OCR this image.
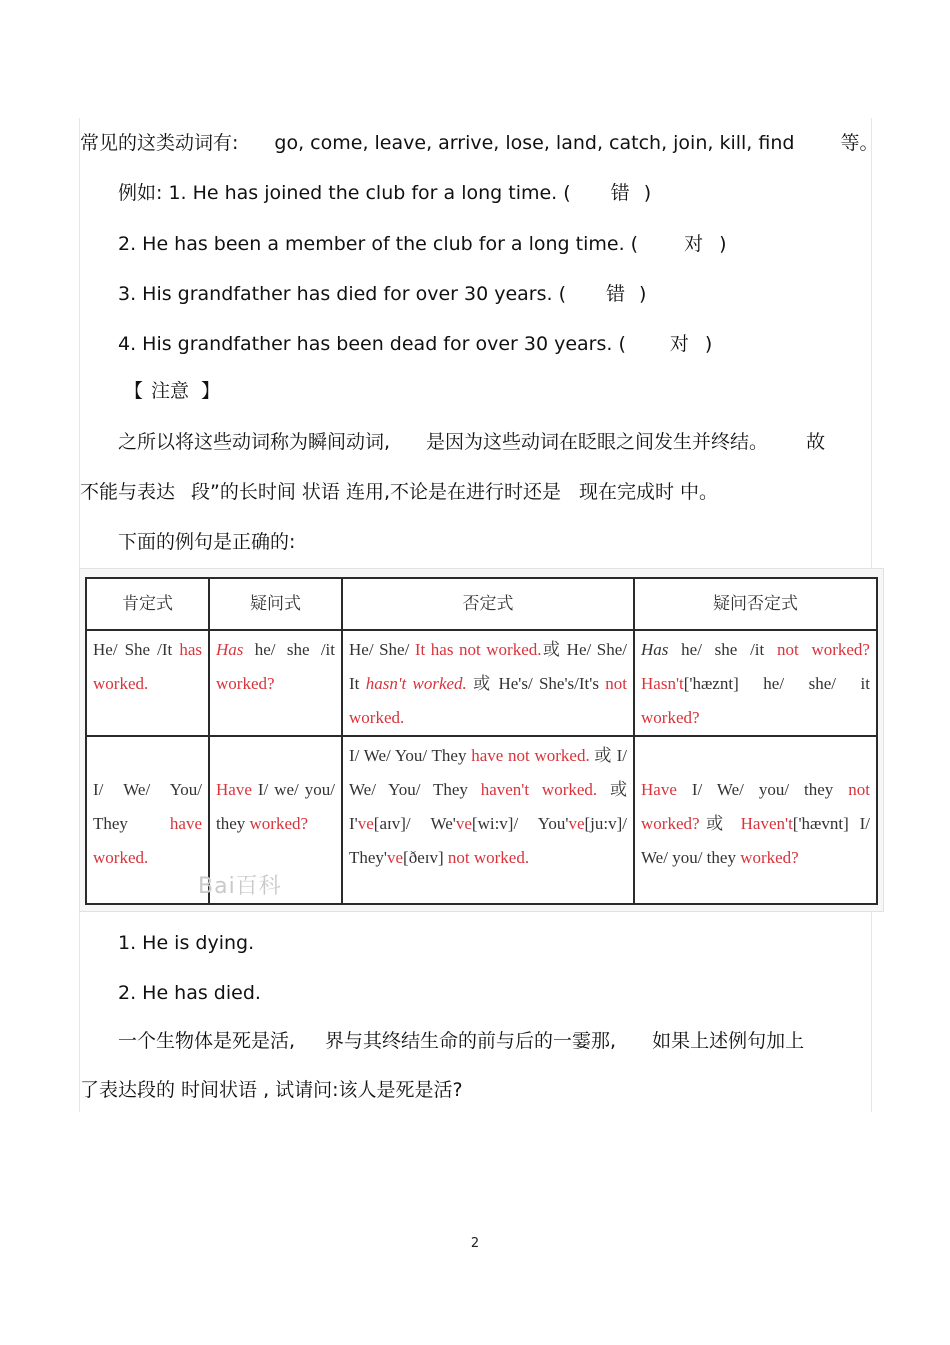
常见的这类动词有: go, come, leave, arrive, lose, land, catch, join, kill, find 等。
例如: 1. He has joined the club for a long time. ( 错 )
2. He has been a member of the club for a long time. ( 对 )
3. His grandfather has died for over 30 years. ( 错 )
4. His grandfather has been dead for over 30 years. ( 对 )
【 注意 】
之所以将这些动词称为瞬间动词, 是因为这些动词在眨眼之间发生并终结。 故
不能与表达 段”的长时间 状语 连用,不论是在进行时还是 现在完成时 中。
下面的例句是正确的:
肯定式	疑问式	否定式	疑问否定式
He/ She /It has worked.	Has he/ she /it worked?	He/ She/ It has not worked.或 He/ She/ It hasn't worked. 或 He's/ She's/It's not worked.	Has he/ she /it not worked? Hasn't['hæznt] he/ she/ it worked?
I/ We/ You/ They have worked.	Have I/ we/ you/ they worked?	I/ We/ You/ They have not worked. 或 I/ We/ You/ They haven't worked. 或 I've[aɪv]/ We've[wi:v]/ You've[ju:v]/ They've[ðeɪv] not worked.	Have I/ We/ you/ they not worked?或 Haven't['hævnt] I/ We/ you/ they worked?
Bai百科
1. He is dying.
2. He has died.
一个生物体是死是活, 界与其终结生命的前与后的一霎那, 如果上述例句加上
了表达段的 时间状语 , 试请问:该人是死是活?
2
